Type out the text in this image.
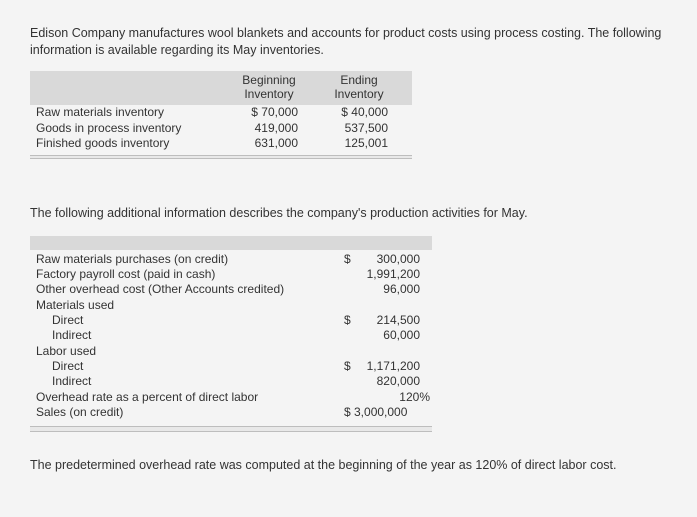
Edison Company manufactures wool blankets and accounts for product costs using process costing. The following information is available regarding its May inventories.

Beginning Inventory
Ending Inventory
Raw materials inventory	$ 70,000	$ 40,000
Goods in process inventory	419,000	537,500
Finished goods inventory	631,000	125,001

The following additional information describes the company's production activities for May.

Raw materials purchases (on credit)	$	300,000
Factory payroll cost (paid in cash)	1,991,200
Other overhead cost (Other Accounts credited)	96,000
Materials used
Direct	$	214,500
Indirect	60,000
Labor used
Direct	$	1,171,200
Indirect	820,000
Overhead rate as a percent of direct labor	120%
Sales (on credit)	$ 3,000,000

The predetermined overhead rate was computed at the beginning of the year as 120% of direct labor cost.
